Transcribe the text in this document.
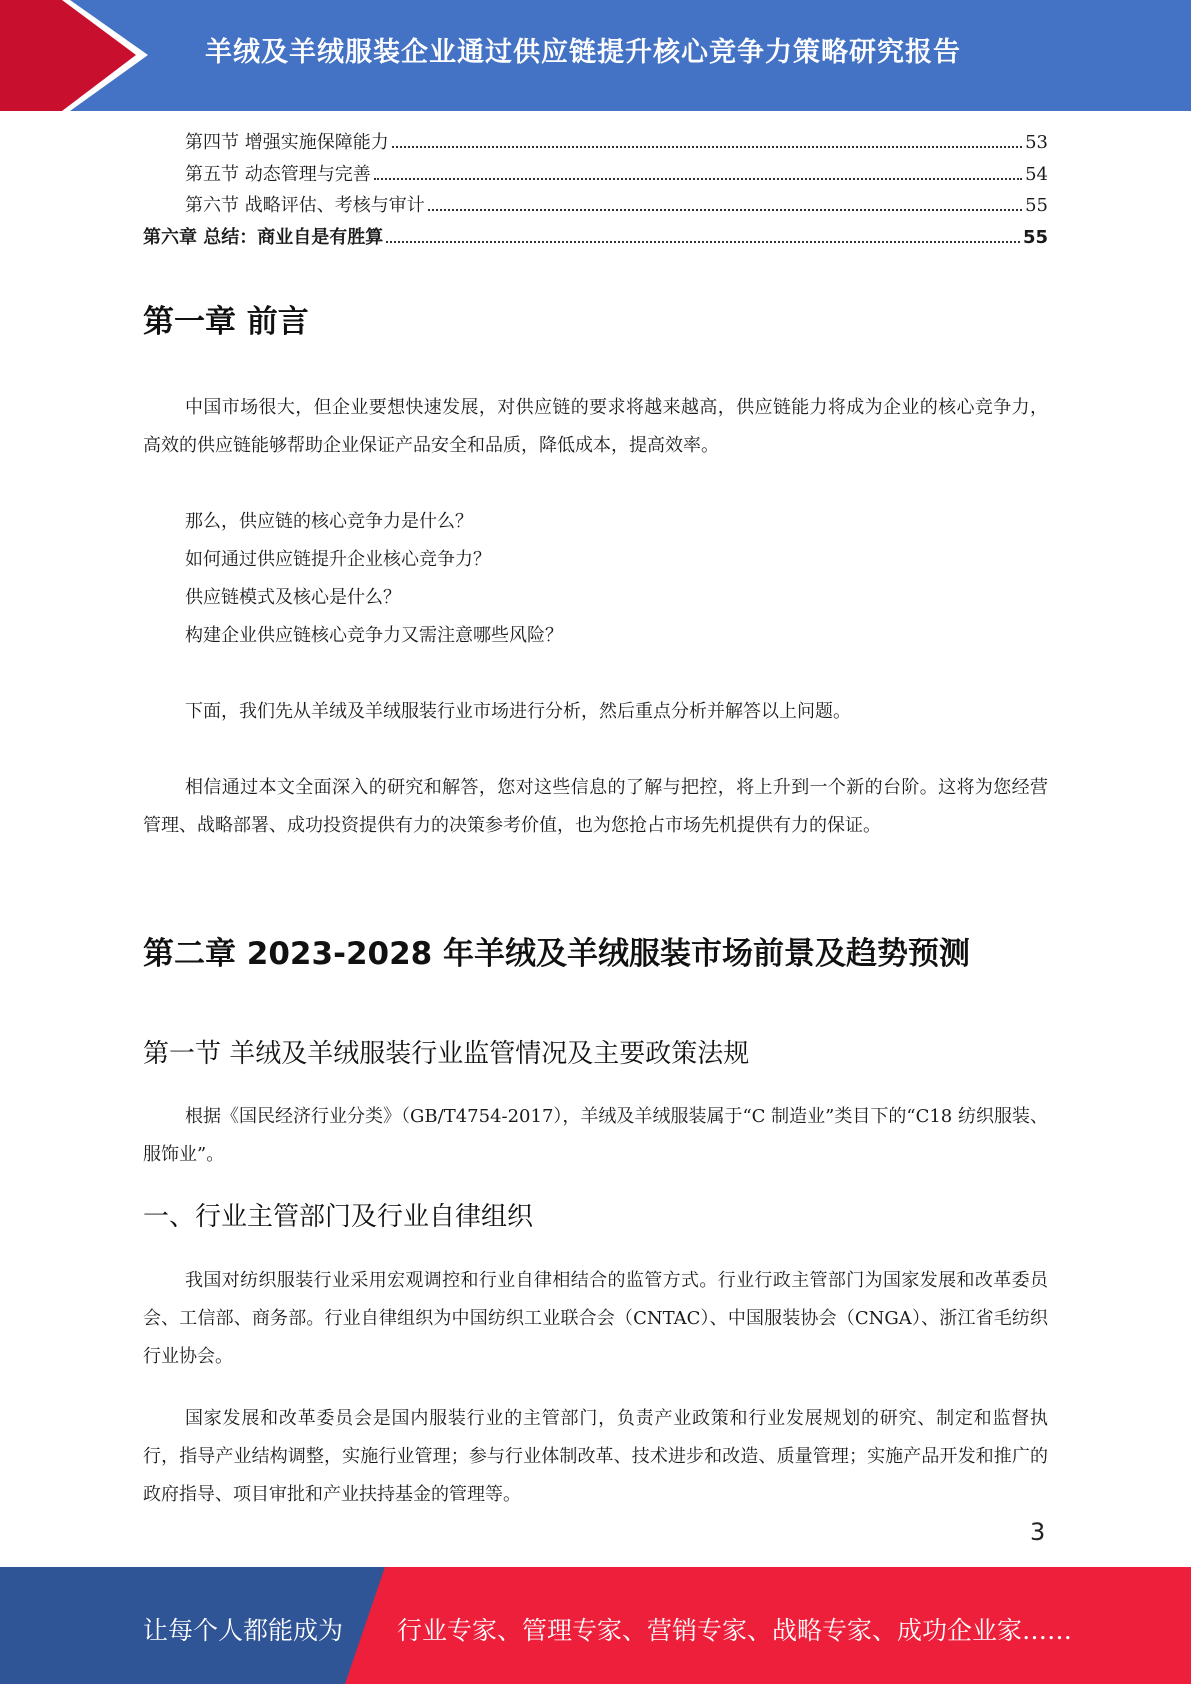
羊绒及羊绒服装企业通过供应链提升核心竞争力策略研究报告
第四节 增强实施保障能力	53
第五节 动态管理与完善	54
第六节 战略评估、考核与审计	55
第六章 总结：商业自是有胜算	55
第一章 前言

中国市场很大，但企业要想快速发展，对供应链的要求将越来越高，供应链能力将成为企业的核心竞争力，高效的供应链能够帮助企业保证产品安全和品质，降低成本，提高效率。

那么，供应链的核心竞争力是什么？
如何通过供应链提升企业核心竞争力？
供应链模式及核心是什么？
构建企业供应链核心竞争力又需注意哪些风险？

下面，我们先从羊绒及羊绒服装行业市场进行分析，然后重点分析并解答以上问题。

相信通过本文全面深入的研究和解答，您对这些信息的了解与把控，将上升到一个新的台阶。这将为您经营管理、战略部署、成功投资提供有力的决策参考价值，也为您抢占市场先机提供有力的保证。

第二章 2023-2028 年羊绒及羊绒服装市场前景及趋势预测
第一节 羊绒及羊绒服装行业监管情况及主要政策法规

根据《国民经济行业分类》（GB/T4754-2017），羊绒及羊绒服装属于“C 制造业”类目下的“C18 纺织服装、服饰业”。

一、行业主管部门及行业自律组织

我国对纺织服装行业采用宏观调控和行业自律相结合的监管方式。行业行政主管部门为国家发展和改革委员会、工信部、商务部。行业自律组织为中国纺织工业联合会（CNTAC）、中国服装协会（CNGA）、浙江省毛纺织行业协会。

国家发展和改革委员会是国内服装行业的主管部门，负责产业政策和行业发展规划的研究、制定和监督执行，指导产业结构调整，实施行业管理；参与行业体制改革、技术进步和改造、质量管理；实施产品开发和推广的政府指导、项目审批和产业扶持基金的管理等。

3
让每个人都能成为 行业专家、管理专家、营销专家、战略专家、成功企业家……
